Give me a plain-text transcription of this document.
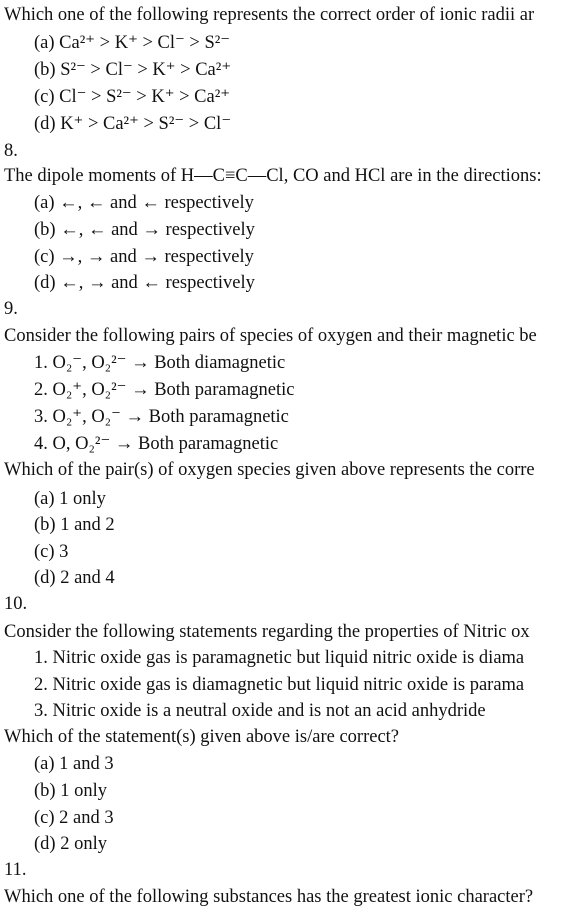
Which one of the following represents the correct order of ionic radii ar
(a) Ca²⁺ > K⁺ > Cl⁻ > S²⁻
(b) S²⁻ > Cl⁻ > K⁺ > Ca²⁺
(c) Cl⁻ > S²⁻ > K⁺ > Ca²⁺
(d) K⁺ > Ca²⁺ > S²⁻ > Cl⁻
8.
The dipole moments of H—C≡C—Cl, CO and HCl are in the directions:
(a) ←, ← and ← respectively
(b) ←, ← and → respectively
(c) →, → and → respectively
(d) ←, → and ← respectively
9.
Consider the following pairs of species of oxygen and their magnetic be
1. O₂⁻, O₂²⁻ → Both diamagnetic
2. O₂⁺, O₂²⁻ → Both paramagnetic
3. O₂⁺, O₂⁻ → Both paramagnetic
4. O, O₂²⁻ → Both paramagnetic
Which of the pair(s) of oxygen species given above represents the corre
(a) 1 only
(b) 1 and 2
(c) 3
(d) 2 and 4
10.
Consider the following statements regarding the properties of Nitric ox
1. Nitric oxide gas is paramagnetic but liquid nitric oxide is diama
2. Nitric oxide gas is diamagnetic but liquid nitric oxide is parama
3. Nitric oxide is a neutral oxide and is not an acid anhydride
Which of the statement(s) given above is/are correct?
(a) 1 and 3
(b) 1 only
(c) 2 and 3
(d) 2 only
11.
Which one of the following substances has the greatest ionic character?
